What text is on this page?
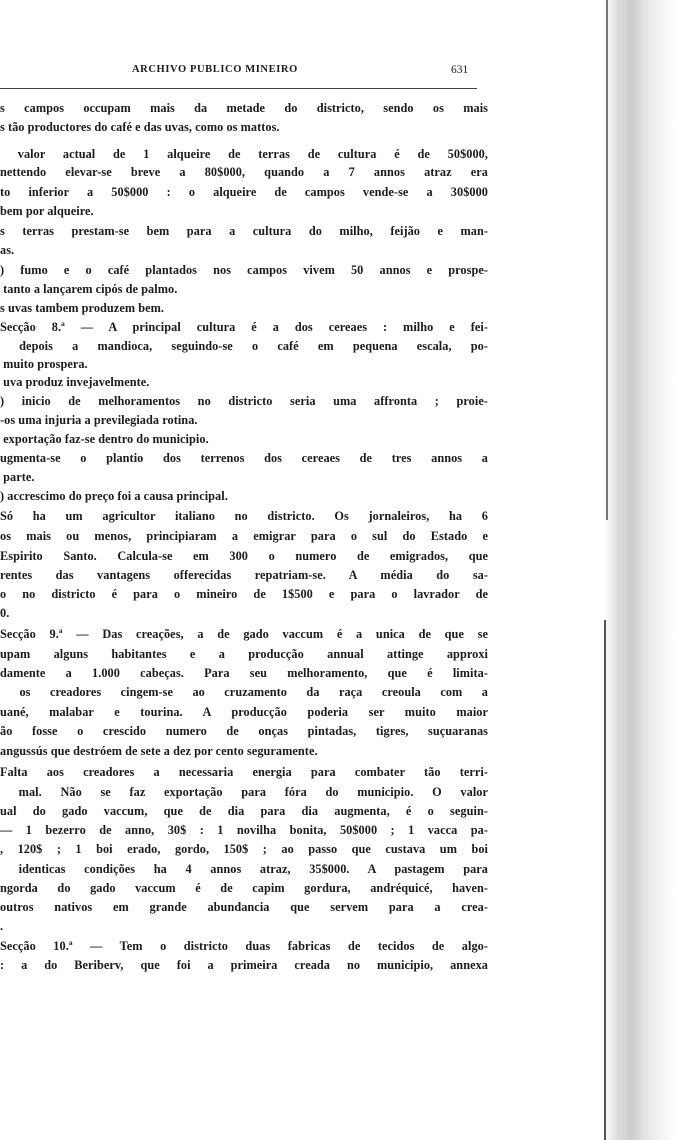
ARCHIVO PUBLICO MINEIRO	631
s campos occupam mais da metade do districto, sendo os mais
s tão productores do café e das uvas, como os mattos.
valor actual de 1 alqueire de terras de cultura é de 50$000,
nettendo elevar-se breve a 80$000, quando a 7 annos atraz era
to inferior a 50$000 : o alqueire de campos vende-se a 30$000
bem por alqueire.
s terras prestam-se bem para a cultura do milho, feijão e man-
as.
) fumo e o café plantados nos campos vivem 50 annos e prospe-
tanto a lançarem cipós de palmo.
s uvas tambem produzem bem.
Secção 8.ª — A principal cultura é a dos cereaes : milho e fei-
depois a mandioca, seguindo-se o café em pequena escala, po-
muito prospera.
uva produz invejavelmente.
) inicio de melhoramentos no districto seria uma affronta ; proie-
-os uma injuria a previlegiada rotina.
exportação faz-se dentro do municipio.
ugmenta-se o plantio dos terrenos dos cereaes de tres annos a
parte.
) accrescimo do preço foi a causa principal.
Só ha um agricultor italiano no districto. Os jornaleiros, ha 6
os mais ou menos, principiaram a emigrar para o sul do Estado e
Espirito Santo. Calcula-se em 300 o numero de emigrados, que
rentes das vantagens offerecidas repatriam-se. A média do sa-
o no districto é para o mineiro de 1$500 e para o lavrador de
0.
Secção 9.ª — Das creações, a de gado vaccum é a unica de que se
upam alguns habitantes e a producção annual attinge approxi
damente a 1.000 cabeças. Para seu melhoramento, que é limita-
os creadores cingem-se ao cruzamento da raça creoula com a
uané, malabar e tourina. A producção poderia ser muito maior
ão fosse o crescido numero de onças pintadas, tigres, suçuaranas
angussús que destróem de sete a dez por cento seguramente.
Falta aos creadores a necessaria energia para combater tão terri-
mal. Não se faz exportação para fóra do municipio. O valor
ual do gado vaccum, que de dia para dia augmenta, é o seguin-
— 1 bezerro de anno, 30$ : 1 novilha bonita, 50$000 ; 1 vacca pa-
, 120$ ; 1 boi erado, gordo, 150$ ; ao passo que custava um boi
identicas condições ha 4 annos atraz, 35$000. A pastagem para
ngorda do gado vaccum é de capim gordura, andréquicé, haven-
outros nativos em grande abundancia que servem para a crea-
.
Secção 10.ª — Tem o districto duas fabricas de tecidos de algo-
: a do Beriberv, que foi a primeira creada no municipio, annexa
